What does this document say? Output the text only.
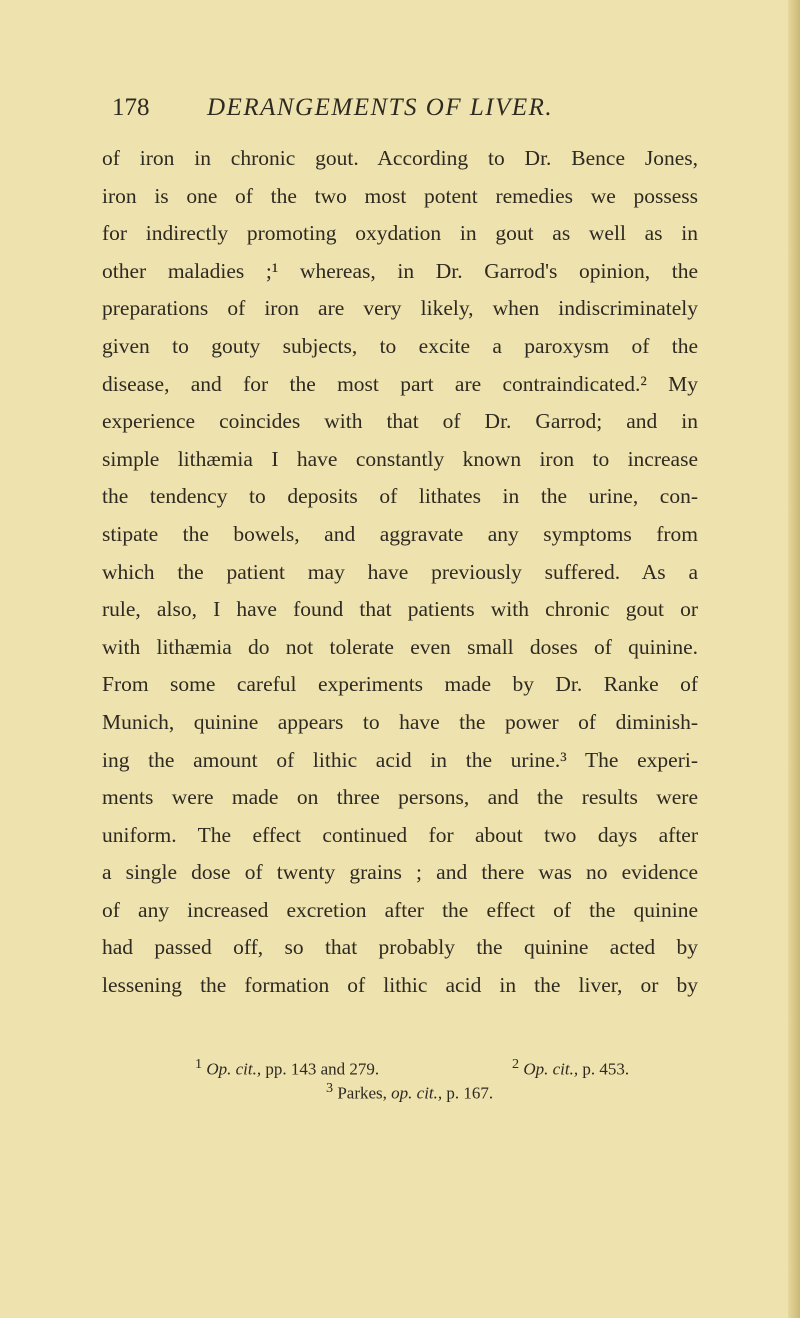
178 DERANGEMENTS OF LIVER.
of iron in chronic gout. According to Dr. Bence Jones,
iron is one of the two most potent remedies we possess
for indirectly promoting oxydation in gout as well as in
other maladies ;¹ whereas, in Dr. Garrod's opinion, the
preparations of iron are very likely, when indiscriminately
given to gouty subjects, to excite a paroxysm of the
disease, and for the most part are contraindicated.² My
experience coincides with that of Dr. Garrod; and in
simple lithæmia I have constantly known iron to increase
the tendency to deposits of lithates in the urine, con-
stipate the bowels, and aggravate any symptoms from
which the patient may have previously suffered. As a
rule, also, I have found that patients with chronic gout or
with lithæmia do not tolerate even small doses of quinine.
From some careful experiments made by Dr. Ranke of
Munich, quinine appears to have the power of diminish-
ing the amount of lithic acid in the urine.³ The experi-
ments were made on three persons, and the results were
uniform. The effect continued for about two days after
a single dose of twenty grains ; and there was no evidence
of any increased excretion after the effect of the quinine
had passed off, so that probably the quinine acted by
lessening the formation of lithic acid in the liver, or by
$^1$ Op. cit., pp. 143 and 279.	$^2$ Op. cit., p. 453.
$^3$ Parkes, op. cit., p. 167.
